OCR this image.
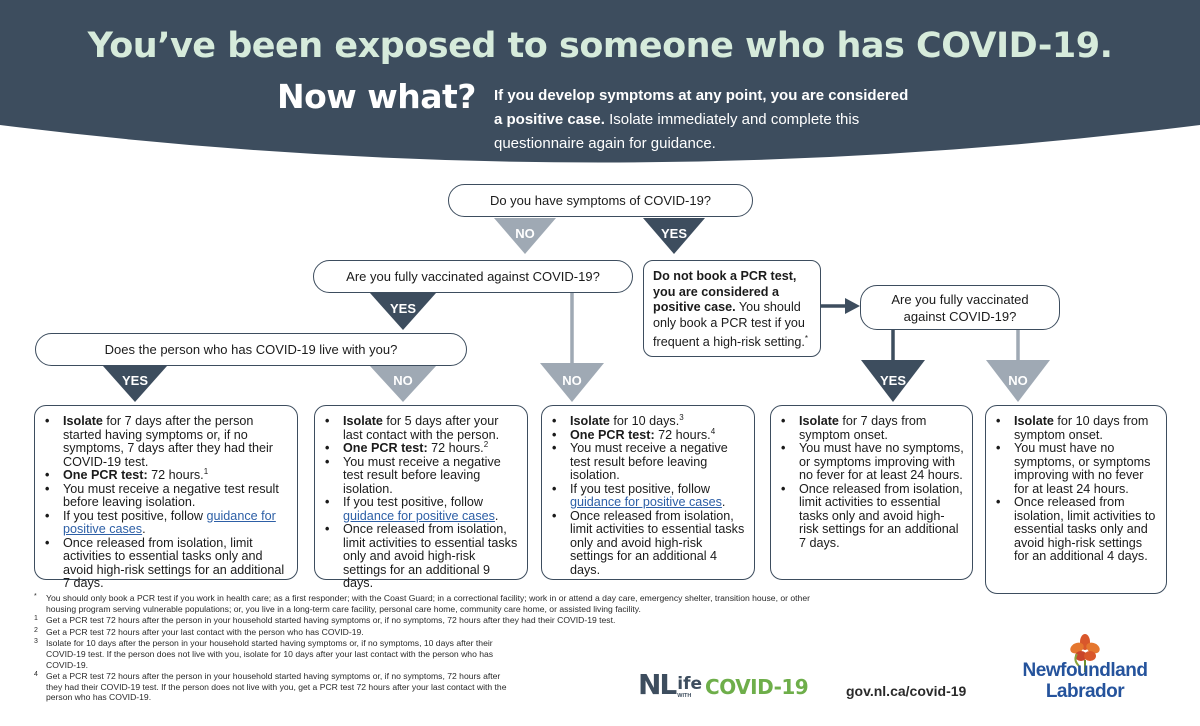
You’ve been exposed to someone who has COVID-19.
Now what? If you develop symptoms at any point, you are considered a positive case. Isolate immediately and complete this questionnaire again for guidance.
NO	YES
YES
YES	NO	NO	YES	NO
Do you have symptoms of COVID-19?
Are you fully vaccinated against COVID-19?
Does the person who has COVID-19 live with you?
Are you fully vaccinated against COVID-19?
Do not book a PCR test, you are considered a positive case. You should only book a PCR test if you frequent a high-risk setting.*
• Isolate for 7 days after the person started having symptoms or, if no symptoms, 7 days after they had their COVID-19 test.
• One PCR test: 72 hours.$^1$
• You must receive a negative test result before leaving isolation.
• If you test positive, follow guidance for positive cases.
• Once released from isolation, limit activities to essential tasks only and avoid high-risk settings for an additional 7 days.
• Isolate for 5 days after your last contact with the person.
• One PCR test: 72 hours.$^2$
• You must receive a negative test result before leaving isolation.
• If you test positive, follow guidance for positive cases.
• Once released from isolation, limit activities to essential tasks only and avoid high-risk settings for an additional 9 days.
• Isolate for 10 days.$^3$
• One PCR test: 72 hours.$^4$
• You must receive a negative test result before leaving isolation.
• If you test positive, follow guidance for positive cases.
• Once released from isolation, limit activities to essential tasks only and avoid high-risk settings for an additional 4 days.
• Isolate for 7 days from symptom onset.
• You must have no symptoms, or symptoms improving with no fever for at least 24 hours.
• Once released from isolation, limit activities to essential tasks only and avoid high-risk settings for an additional 7 days.
• Isolate for 10 days from symptom onset.
• You must have no symptoms, or symptoms improving with no fever for at least 24 hours.
• Once released from isolation, limit activities to essential tasks only and avoid high-risk settings for an additional 4 days.
* You should only book a PCR test if you work in health care; as a first responder; with the Coast Guard; in a correctional facility; work in or attend a day care, emergency shelter, transition house, or other housing program serving vulnerable populations; or, you live in a long-term care facility, personal care home, community care home, or assisted living facility.
1 Get a PCR test 72 hours after the person in your household started having symptoms or, if no symptoms, 72 hours after they had their COVID-19 test.
2 Get a PCR test 72 hours after your last contact with the person who has COVID-19.
3 Isolate for 10 days after the person in your household started having symptoms or, if no symptoms, 10 days after their COVID-19 test. If the person does not live with you, isolate for 10 days after your last contact with the person who has COVID-19.
4 Get a PCR test 72 hours after the person in your household started having symptoms or, if no symptoms, 72 hours after they had their COVID-19 test. If the person does not live with you, get a PCR test 72 hours after your last contact with the person who has COVID-19.	NL ife
WITH COVID-19	gov.nl.ca/covid-19
Newfoundland
Labrador
